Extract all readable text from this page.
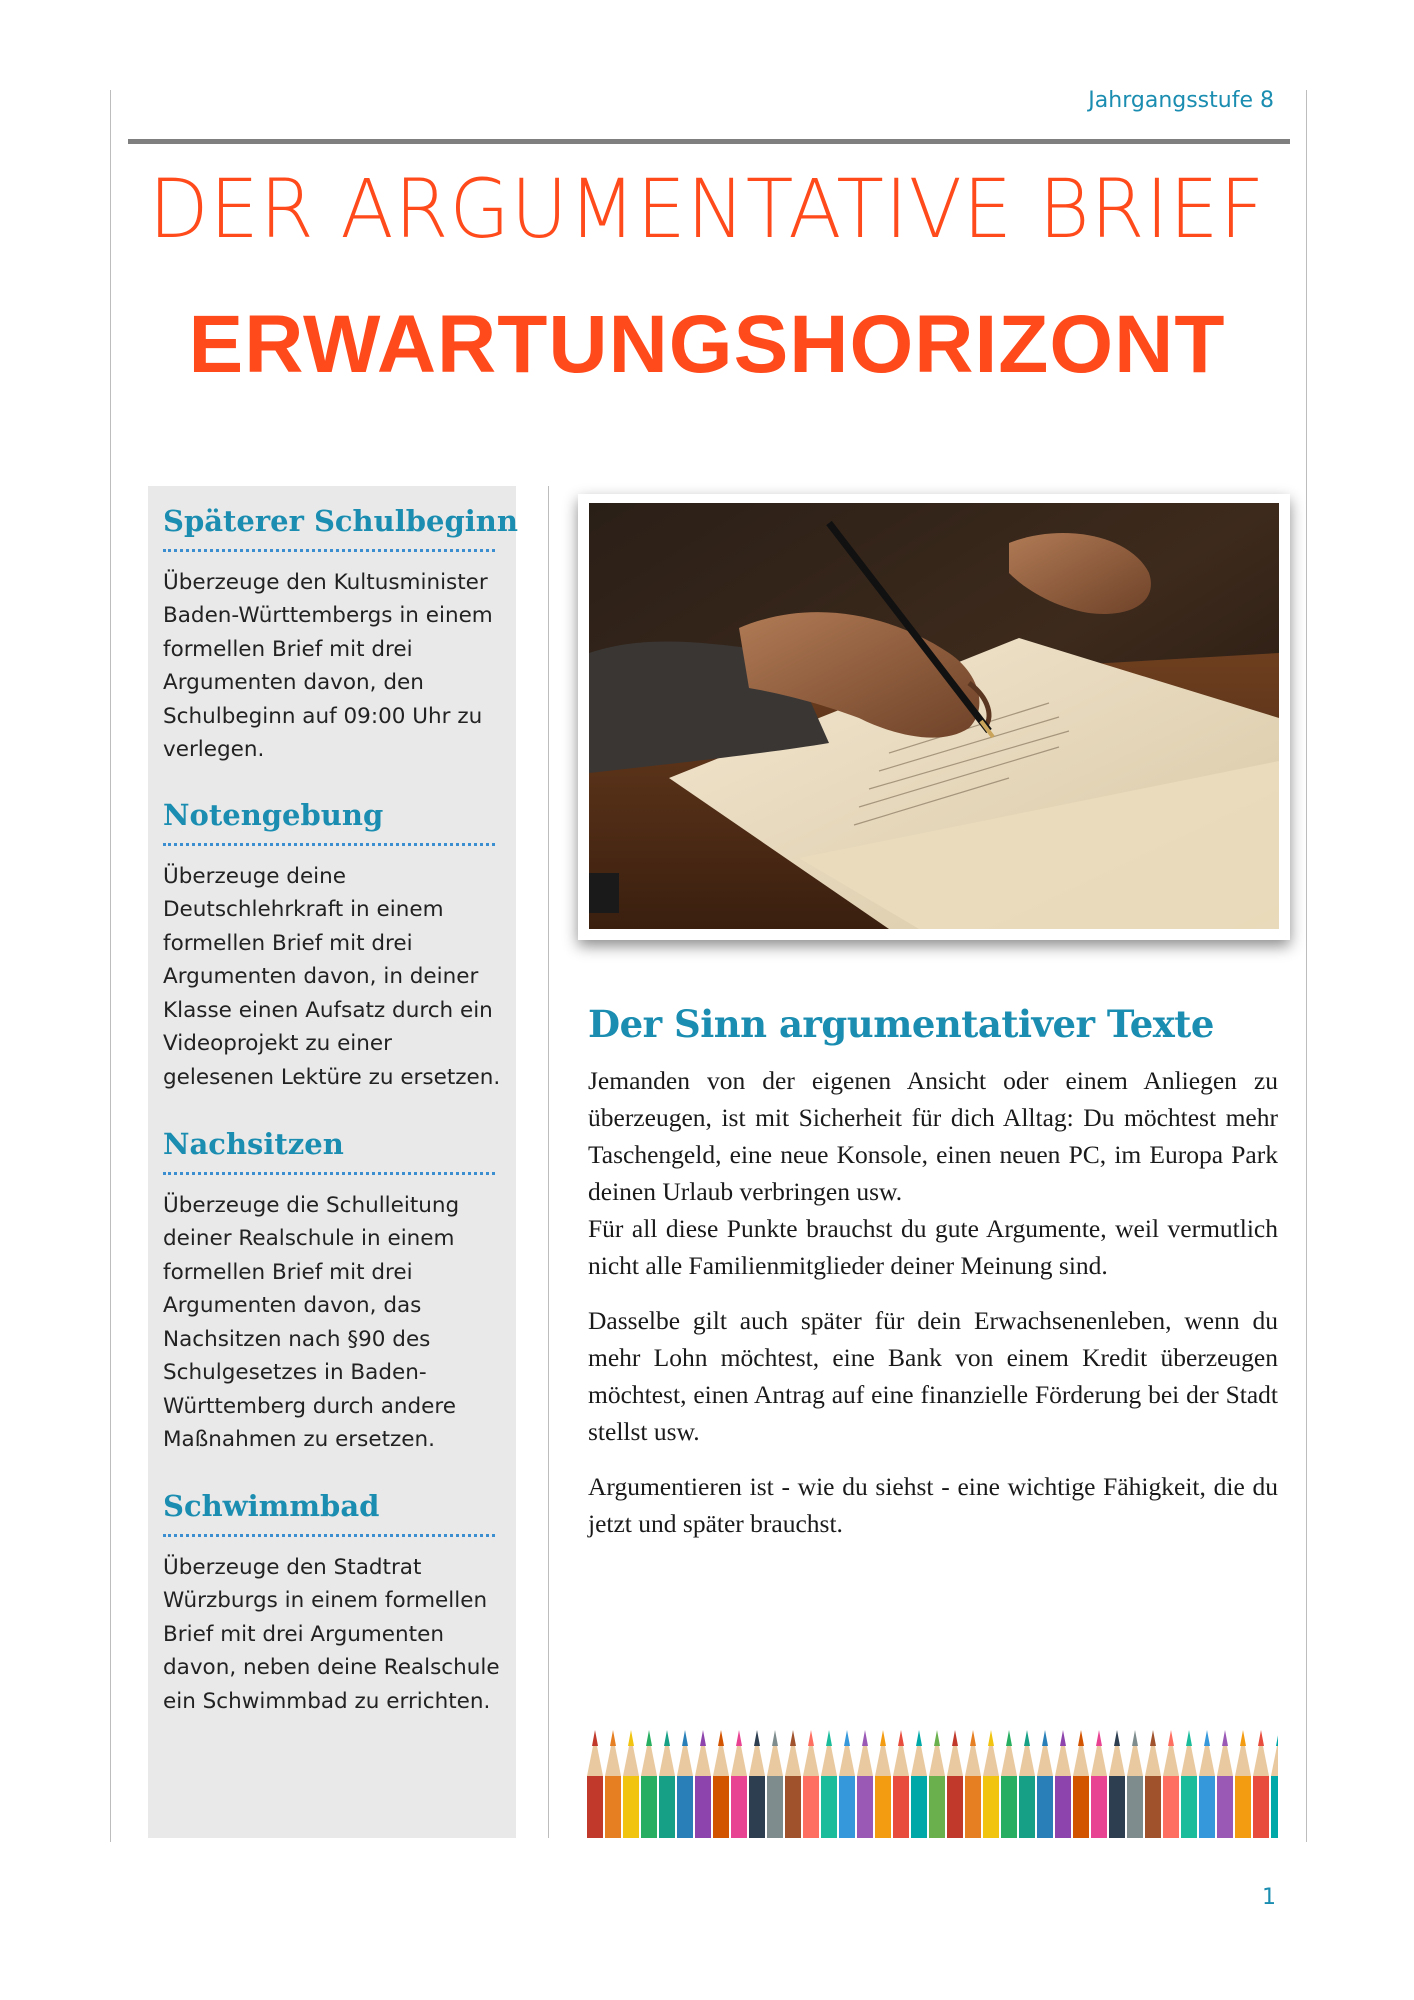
Jahrgangsstufe 8
DER ARGUMENTATIVE BRIEF
ERWARTUNGSHORIZONT
Späterer Schulbeginn
Überzeuge den Kultusminister Baden-Württembergs in einem formellen Brief mit drei Argumenten davon, den Schulbeginn auf 09:00 Uhr zu verlegen.
Notengebung
Überzeuge deine Deutschlehrkraft in einem formellen Brief mit drei Argumenten davon, in deiner Klasse einen Aufsatz durch ein Videoprojekt zu einer gelesenen Lektüre zu ersetzen.
Nachsitzen
Überzeuge die Schulleitung deiner Realschule in einem formellen Brief mit drei Argumenten davon, das Nachsitzen nach §90 des Schulgesetzes in Baden-Württemberg durch andere Maßnahmen zu ersetzen.
Schwimmbad
Überzeuge den Stadtrat Würzburgs in einem formellen Brief mit drei Argumenten davon, neben deine Realschule ein Schwimmbad zu errichten.
Der Sinn argumentativer Texte

Jemanden von der eigenen Ansicht oder einem Anliegen zu überzeugen, ist mit Sicherheit für dich Alltag: Du möchtest mehr Taschengeld, eine neue Konsole, einen neuen PC, im Europa Park deinen Urlaub verbringen usw.

Für all diese Punkte brauchst du gute Argumente, weil vermutlich nicht alle Familienmitglieder deiner Meinung sind.

Dasselbe gilt auch später für dein Erwachsenenleben, wenn du mehr Lohn möchtest, eine Bank von einem Kredit überzeugen möchtest, einen Antrag auf eine finanzielle Förderung bei der Stadt stellst usw.

Argumentieren ist - wie du siehst - eine wichtige Fähigkeit, die du jetzt und später brauchst.

1
